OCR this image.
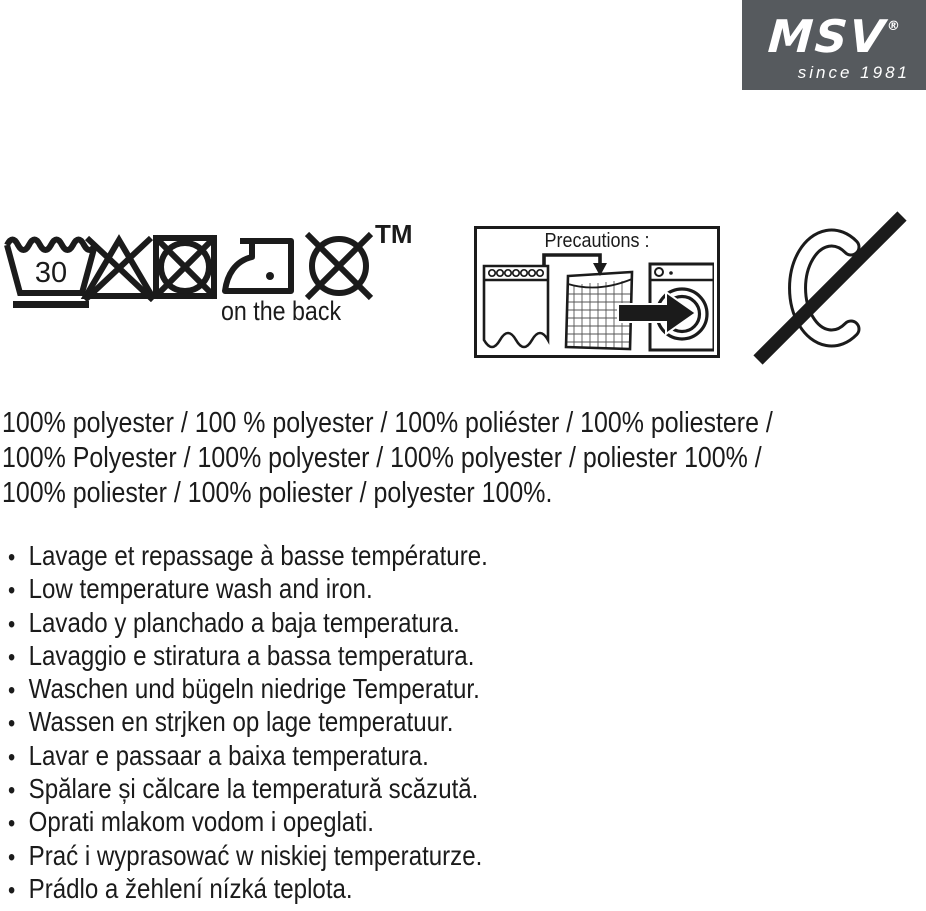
MSV®
since 1981
30
TM
on the back
Precautions :
100% polyester / 100 % polyester / 100% poliéster / 100% poliestere /
100% Polyester / 100% polyester / 100% polyester / poliester 100% /
100% poliester / 100% poliester / polyester 100%.
• Lavage et repassage à basse température.
• Low temperature wash and iron.
• Lavado y planchado a baja temperatura.
• Lavaggio e stiratura a bassa temperatura.
• Waschen und bügeln niedrige Temperatur.
• Wassen en strjken op lage temperatuur.
• Lavar e passaar a baixa temperatura.
• Spălare și călcare la temperatură scăzută.
• Oprati mlakom vodom i opeglati.
• Prać i wyprasować w niskiej temperaturze.
• Prádlo a žehlení nízká teplota.
